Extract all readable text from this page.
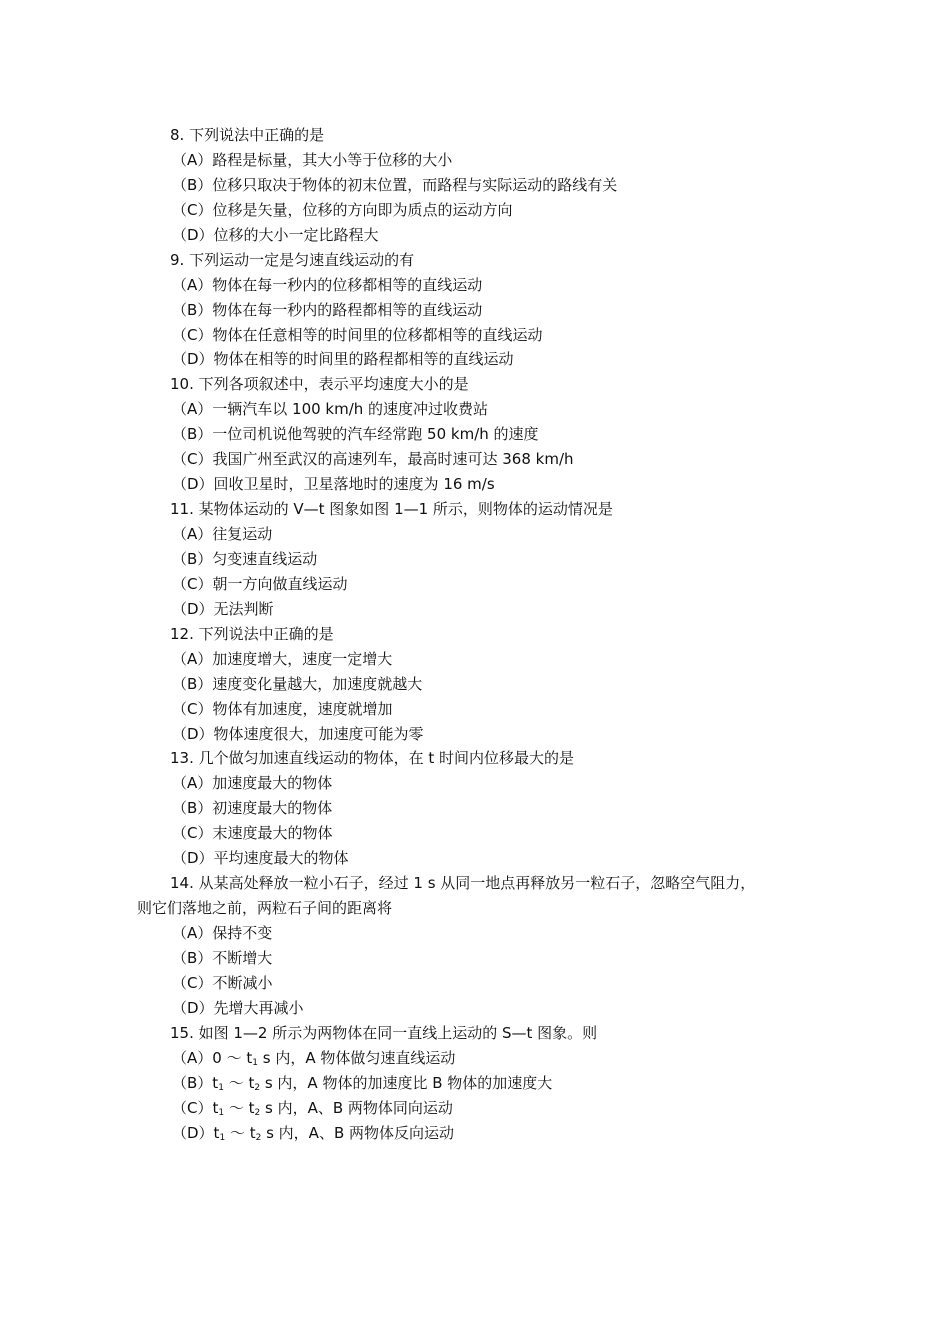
8. 下列说法中正确的是
（A）路程是标量，其大小等于位移的大小
（B）位移只取决于物体的初末位置，而路程与实际运动的路线有关
（C）位移是矢量，位移的方向即为质点的运动方向
（D）位移的大小一定比路程大
9. 下列运动一定是匀速直线运动的有
（A）物体在每一秒内的位移都相等的直线运动
（B）物体在每一秒内的路程都相等的直线运动
（C）物体在任意相等的时间里的位移都相等的直线运动
（D）物体在相等的时间里的路程都相等的直线运动
10. 下列各项叙述中，表示平均速度大小的是
（A）一辆汽车以 100 km/h 的速度冲过收费站
（B）一位司机说他驾驶的汽车经常跑 50 km/h 的速度
（C）我国广州至武汉的高速列车，最高时速可达 368 km/h
（D）回收卫星时，卫星落地时的速度为 16 m/s
11. 某物体运动的 V—t 图象如图 1—1 所示，则物体的运动情况是
（A）往复运动
（B）匀变速直线运动
（C）朝一方向做直线运动
（D）无法判断
12. 下列说法中正确的是
（A）加速度增大，速度一定增大
（B）速度变化量越大，加速度就越大
（C）物体有加速度，速度就增加
（D）物体速度很大，加速度可能为零
13. 几个做匀加速直线运动的物体，在 t 时间内位移最大的是
（A）加速度最大的物体
（B）初速度最大的物体
（C）末速度最大的物体
（D）平均速度最大的物体
14. 从某高处释放一粒小石子，经过 1 s 从同一地点再释放另一粒石子，忽略空气阻力，
则它们落地之前，两粒石子间的距离将
（A）保持不变
（B）不断增大
（C）不断减小
（D）先增大再减小
15. 如图 1—2 所示为两物体在同一直线上运动的 S—t 图象。则
（A）0 ～ $t_1$ s 内，A 物体做匀速直线运动
$(B)t_1$ ～ $t_2$ s 内，A 物体的加速度比 B 物体的加速度大
$(C)t_1$ ～ $t_2$ s 内，A、B 两物体同向运动
$(D)t_1$ ～ $t_2$ s 内，A、B 两物体反向运动
